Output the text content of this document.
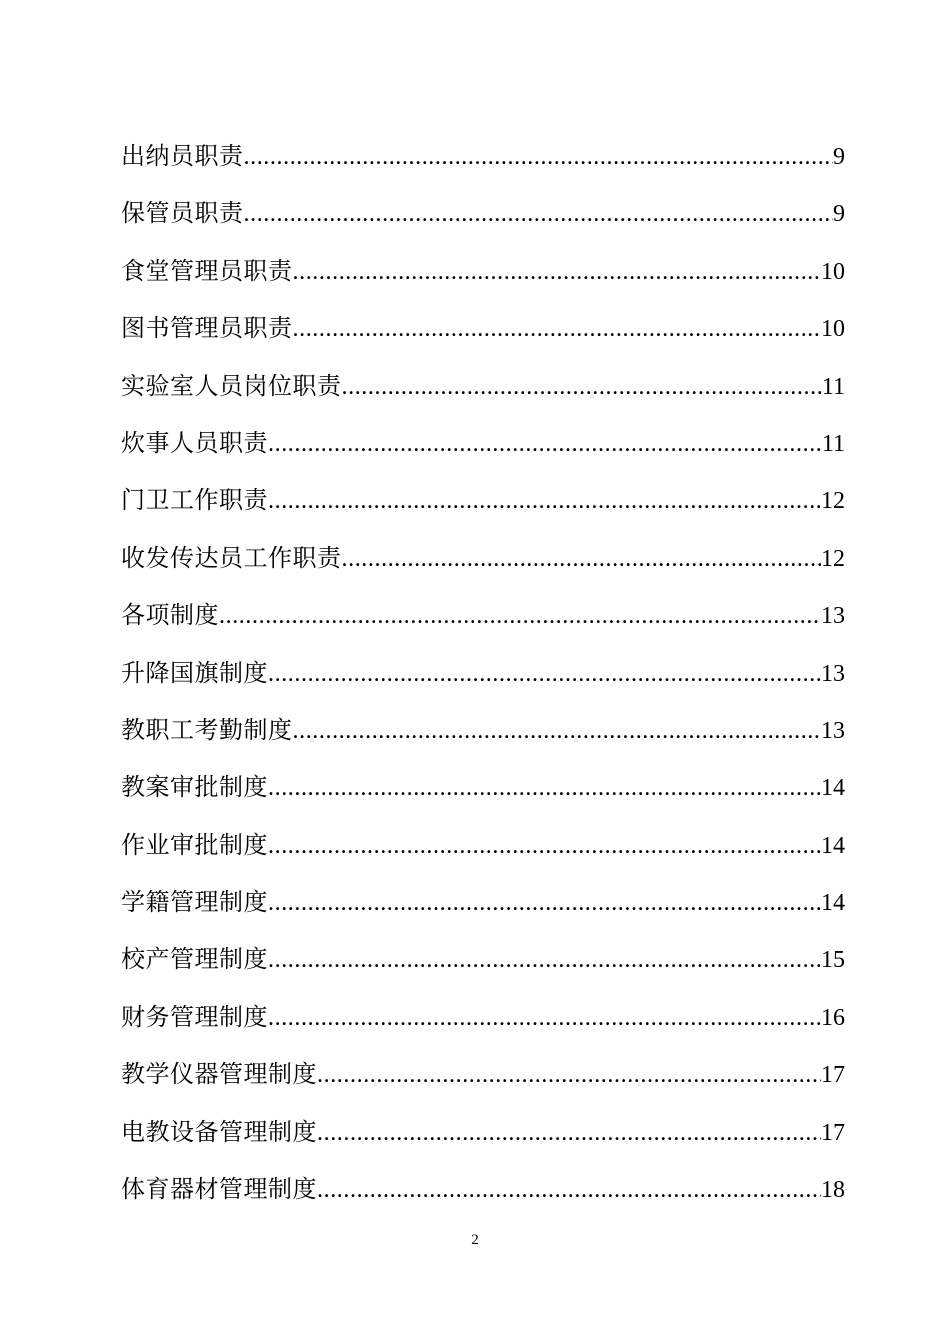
出纳员职责 .....	9
保管员职责 .....	9
食堂管理员职责 .....	10
图书管理员职责 .....	10
实验室人员岗位职责 .....	11
炊事人员职责 .....	11
门卫工作职责 .....	12
收发传达员工作职责 .....	12
各项制度 .....	13
升降国旗制度 .....	13
教职工考勤制度 .....	13
教案审批制度 .....	14
作业审批制度 .....	14
学籍管理制度 .....	14
校产管理制度 .....	15
财务管理制度 .....	16
教学仪器管理制度 .....	17
电教设备管理制度 .....	17
体育器材管理制度 .....	18
2
